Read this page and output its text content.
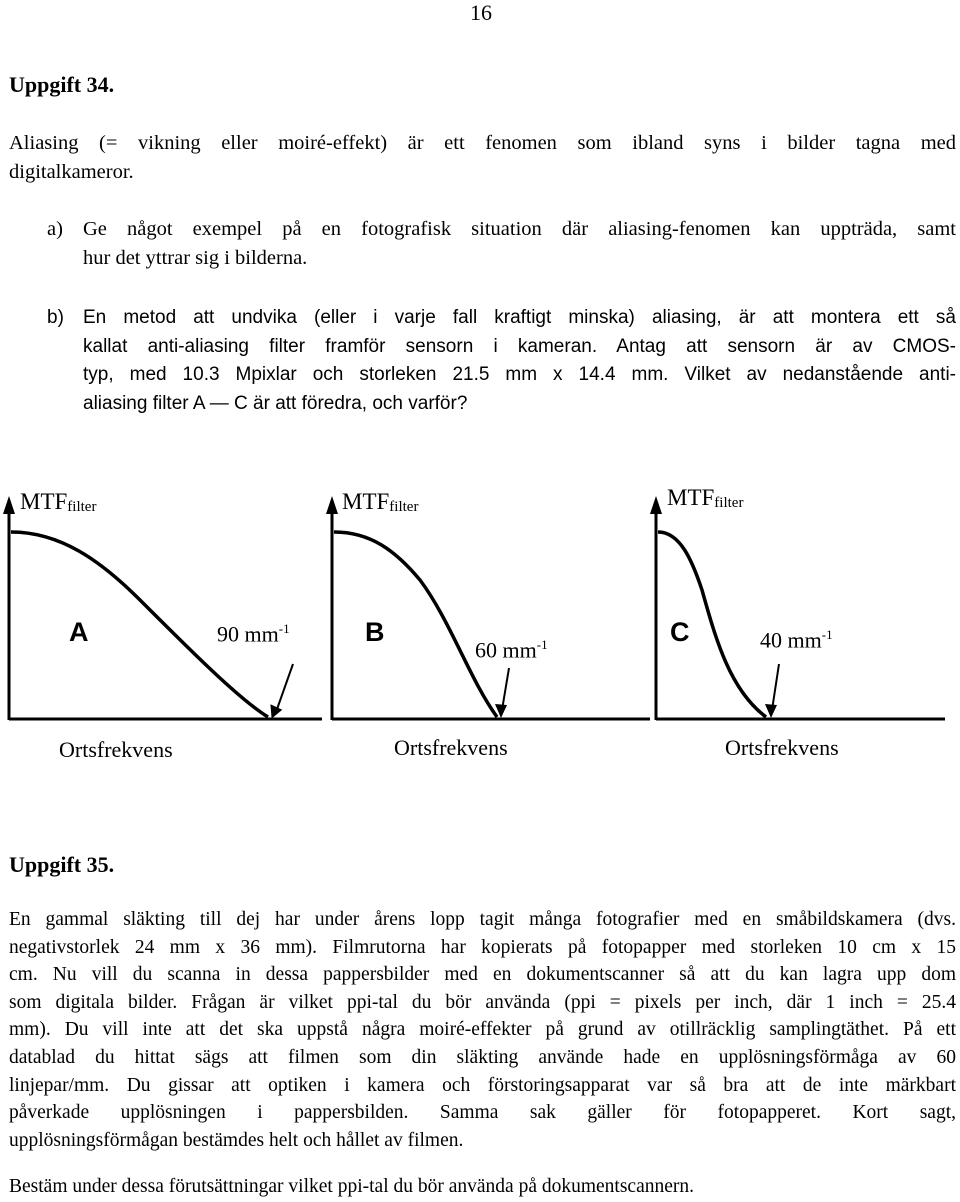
16
Uppgift 34.
Aliasing (= vikning eller moiré-effekt) är ett fenomen som ibland syns i bilder tagna med
digitalkameror.
a) Ge något exempel på en fotografisk situation där aliasing-fenomen kan uppträda, samt
hur det yttrar sig i bilderna.
b)	En metod att undvika (eller i varje fall kraftigt minska) aliasing, är att montera ett så
kallat anti-aliasing filter framför sensorn i kameran. Antag att sensorn är av CMOS-
typ, med 10.3 Mpixlar och storleken 21.5 mm x 14.4 mm. Vilket av nedanstående anti-
aliasing filter A — C är att föredra, och varför?
$MTF_{filter}$	$MTF_{filter}$	$MTF_{filter}$
A	B	C
90 $mm^{-1}$
60 $mm^{-1}$	40 $mm^{-1}$
Ortsfrekvens	Ortsfrekvens	Ortsfrekvens
Uppgift 35.
En gammal släkting till dej har under årens lopp tagit många fotografier med en småbildskamera (dvs.
negativstorlek 24 mm x 36 mm). Filmrutorna har kopierats på fotopapper med storleken 10 cm x 15
cm. Nu vill du scanna in dessa pappersbilder med en dokumentscanner så att du kan lagra upp dom
som digitala bilder. Frågan är vilket ppi-tal du bör använda (ppi = pixels per inch, där 1 inch = 25.4
mm). Du vill inte att det ska uppstå några moiré-effekter på grund av otillräcklig samplingtäthet. På ett
datablad du hittat sägs att filmen som din släkting använde hade en upplösningsförmåga av 60
linjepar/mm. Du gissar att optiken i kamera och förstoringsapparat var så bra att de inte märkbart
påverkade upplösningen i pappersbilden. Samma sak gäller för fotopapperet. Kort sagt,
upplösningsförmågan bestämdes helt och hållet av filmen.
Bestäm under dessa förutsättningar vilket ppi-tal du bör använda på dokumentscannern.
